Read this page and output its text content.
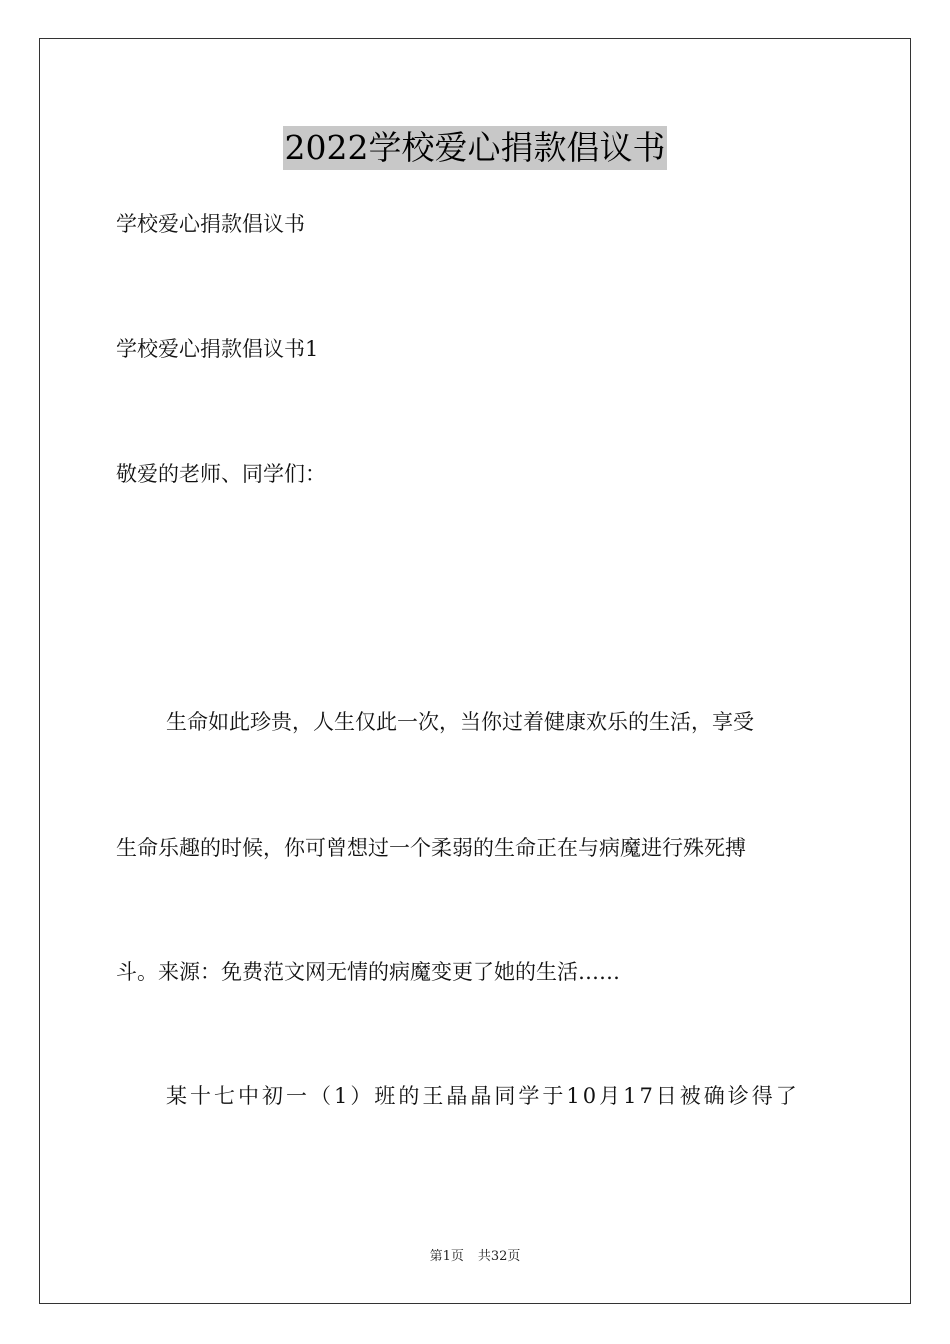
2022学校爱心捐款倡议书
学校爱心捐款倡议书
学校爱心捐款倡议书1
敬爱的老师、同学们：
生命如此珍贵，人生仅此一次，当你过着健康欢乐的生活，享受
生命乐趣的时候，你可曾想过一个柔弱的生命正在与病魔进行殊死搏
斗。来源：免费范文网无情的病魔变更了她的生活……
某十七中初一（1）班的王晶晶同学于10月17日被确诊得了
第1页 共32页
